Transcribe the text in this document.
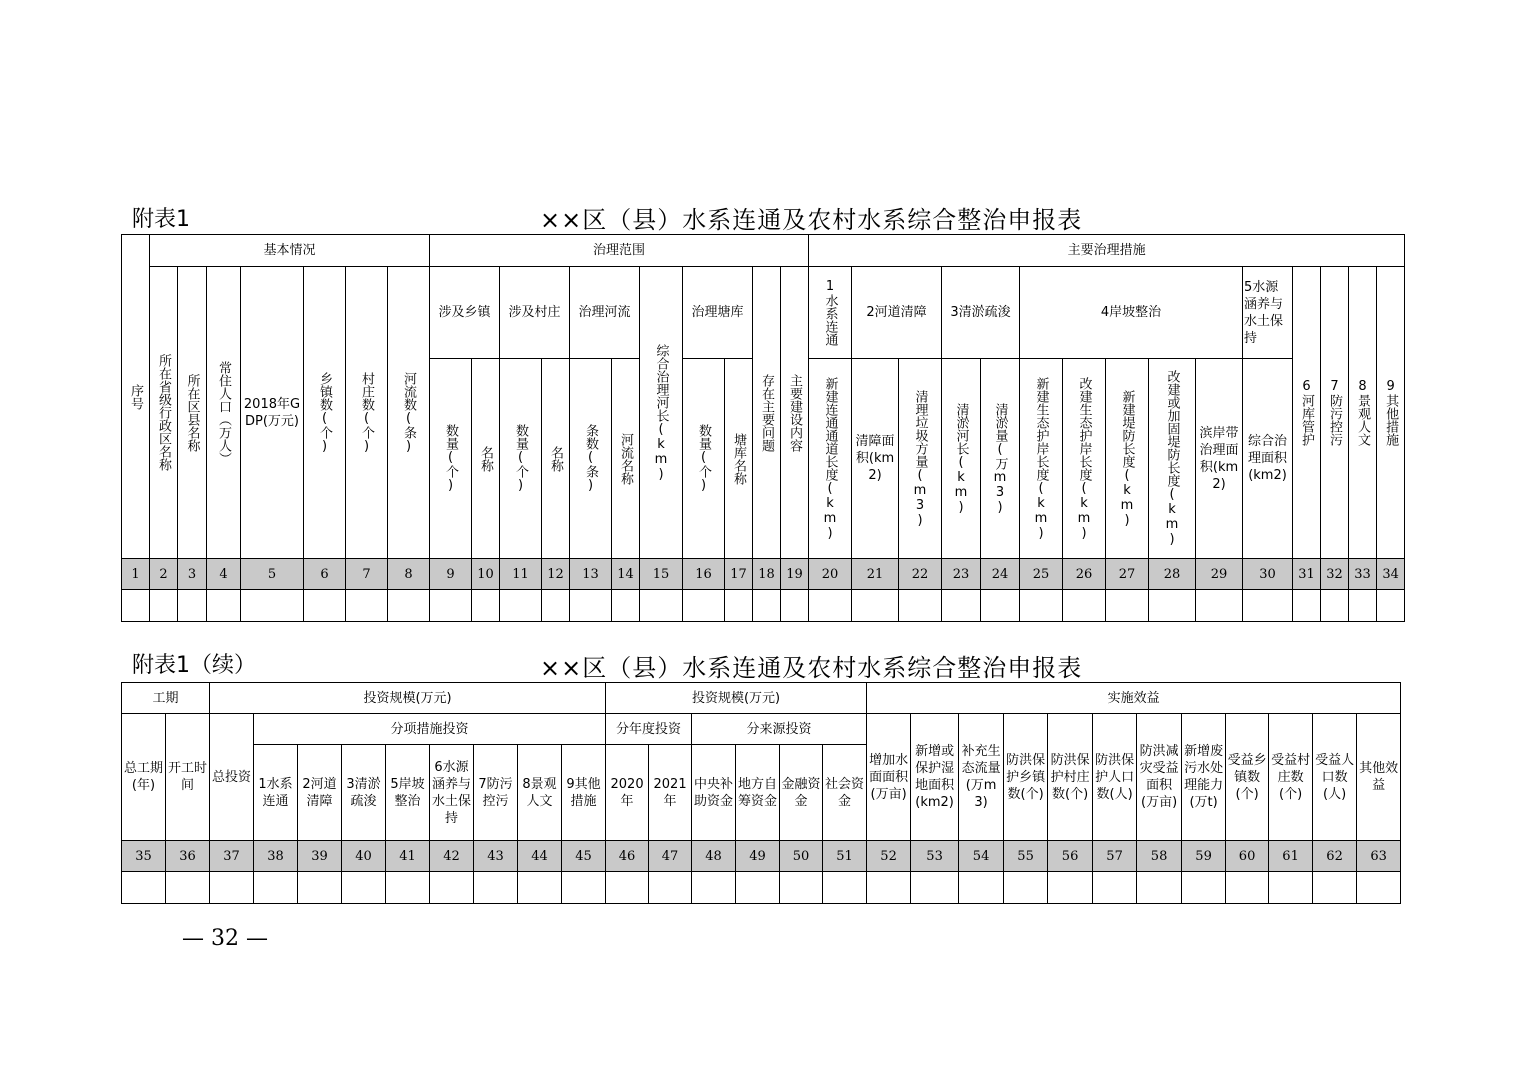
附表1	××区（县）水系连通及农村水系综合整治申报表
序号	基本情况							治理范围											主要治理措施														
	所在省级行政区名称	所在区县名称	常住人口（万人）	2018年GDP(万元)	乡镇数(个)	村庄数(个)	河流数(条)	涉及乡镇		涉及村庄		治理河流		综合治理河长(km)	治理塘库		存在主要问题	主要建设内容	1水系连通	2河道清障		3清淤疏浚		4岸坡整治					5水源涵养与水土保持	6河库管护	7防污控污	8景观人文	9其他措施
								数量(个)	名称	数量(个)	名称	条数(条)	河流名称		数量(个)	塘库名称			新建连通通道长度(km)	清障面积(km2)	清理垃圾方量(m3)	清淤河长(km)	清淤量(万m3)	新建生态护岸长度(km)	改建生态护岸长度(km)	新建堤防长度(km)	改建或加固堤防长度(km)	滨岸带治理面积(km2)	综合治理面积(km2)				
1	2	3	4	5	6	7	8	9	10	11	12	13	14	15	16	17	18	19	20	21	22	23	24	25	26	27	28	29	30	31	32	33	34

附表1（续）	××区（县）水系连通及农村水系综合整治申报表
工期		投资规模(万元)									投资规模(万元)						实施效益											
总工期(年)	开工时间	总投资	分项措施投资								分年度投资		分来源投资				增加水面面积(万亩)	新增或保护湿地面积(km2)	补充生态流量(万m3)	防洪保护乡镇数(个)	防洪保护村庄数(个)	防洪保护人口数(人)	防洪减灾受益面积(万亩)	新增废污水处理能力(万t)	受益乡镇数(个)	受益村庄数(个)	受益人口数(人)	其他效益
			1水系连通	2河道清障	3清淤疏浚	5岸坡整治	6水源涵养与水土保持	7防污控污	8景观人文	9其他措施	2020年	2021年	中央补助资金	地方自筹资金	金融资金	社会资金												
35	36	37	38	39	40	41	42	43	44	45	46	47	48	49	50	51	52	53	54	55	56	57	58	59	60	61	62	63

— 32 —
